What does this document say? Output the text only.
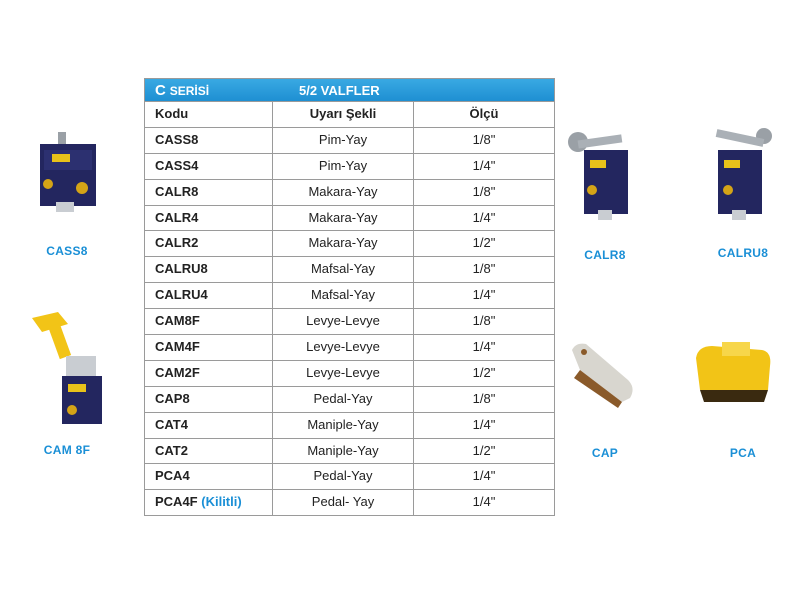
CASS8
CAM 8F
CALR8	CALRU8
CAP	PCA
C SERİSİ	5/2 VALFLER
Kodu	Uyarı Şekli	Ölçü
CASS8	Pim-Yay	1/8"
CASS4	Pim-Yay	1/4"
CALR8	Makara-Yay	1/8"
CALR4	Makara-Yay	1/4"
CALR2	Makara-Yay	1/2"
CALRU8	Mafsal-Yay	1/8"
CALRU4	Mafsal-Yay	1/4"
CAM8F	Levye-Levye	1/8"
CAM4F	Levye-Levye	1/4"
CAM2F	Levye-Levye	1/2"
CAP8	Pedal-Yay	1/8"
CAT4	Maniple-Yay	1/4"
CAT2	Maniple-Yay	1/2"
PCA4	Pedal-Yay	1/4"
PCA4F (Kilitli)	Pedal- Yay	1/4"
